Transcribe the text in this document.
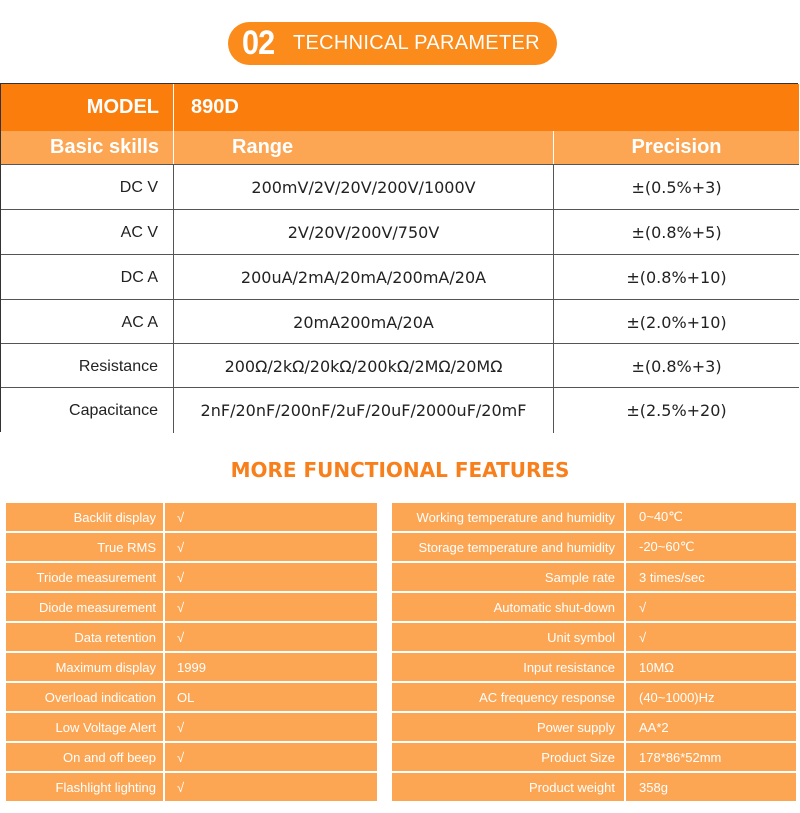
02 TECHNICAL PARAMETER
MODEL	890D
Basic skills	Range	Precision
DC V	200mV/2V/20V/200V/1000V	±(0.5%+3)
AC V	2V/20V/200V/750V	±(0.8%+5)
DC A	200uA/2mA/20mA/200mA/20A	±(0.8%+10)
AC A	20mA200mA/20A	±(2.0%+10)
Resistance	200Ω/2kΩ/20kΩ/200kΩ/2MΩ/20MΩ	±(0.8%+3)
Capacitance	2nF/20nF/200nF/2uF/20uF/2000uF/20mF	±(2.5%+20)
MORE FUNCTIONAL FEATURES
Backlit display	√
True RMS	√
Triode measurement	√
Diode measurement	√
Data retention	√
Maximum display	1999
Overload indication	OL
Low Voltage Alert	√
On and off beep	√
Flashlight lighting	√
Working temperature and humidity	0~40℃
Storage temperature and humidity	-20~60℃
Sample rate	3 times/sec
Automatic shut-down	√
Unit symbol	√
Input resistance	10MΩ
AC frequency response	(40~1000)Hz
Power supply	AA*2
Product Size	178*86*52mm
Product weight	358g
